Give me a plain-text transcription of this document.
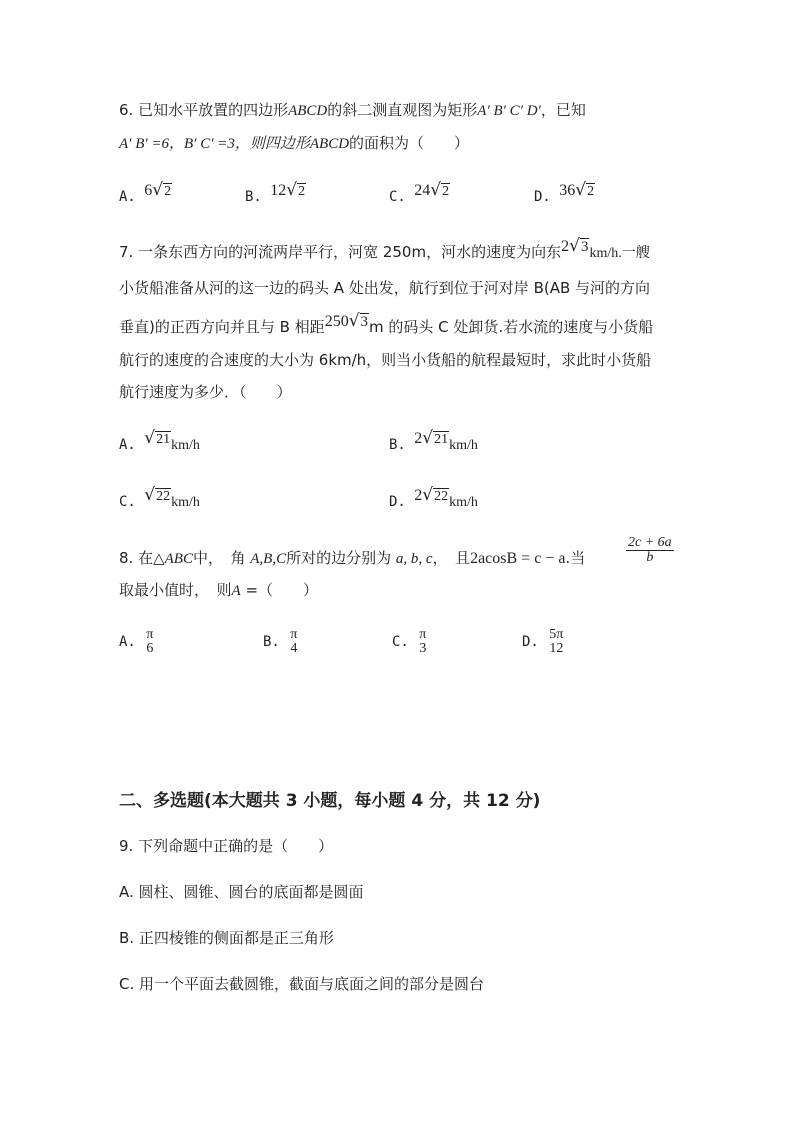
6. 已知水平放置的四边形ABCD的斜二测直观图为矩形A′ B′ C′ D′，已知
A′ B′ =6，B′ C′ =3，则四边形ABCD的面积为（　　）
A. 6√2	B. 12√2	C. 24√2	D. 36√2
7. 一条东西方向的河流两岸平行，河宽 250m，河水的速度为向东2√3km/h.一艘
小货船准备从河的这一边的码头 A 处出发，航行到位于河对岸 B(AB 与河的方向
垂直)的正西方向并且与 B 相距250√3m 的码头 C 处卸货.若水流的速度与小货船
航行的速度的合速度的大小为 6km/h，则当小货船的航程最短时，求此时小货船
航行速度为多少．（　　）
A. √21km/h	B. 2√21km/h
C. √22km/h	D. 2√22km/h
8. 在△ABC中，　角 A,B,C所对的边分别为 a, b, c，　且2acosB = c − a.当	$\frac{2c + 6a}{b}$
取最小值时，　则A =（　　）
A. π
6	B. π
4	C. π
3	D. 5π
12
二、多选题(本大题共 3 小题，每小题 4 分，共 12 分)
9. 下列命题中正确的是（　　）
A. 圆柱、圆锥、圆台的底面都是圆面
B. 正四棱锥的侧面都是正三角形
C. 用一个平面去截圆锥，截面与底面之间的部分是圆台
